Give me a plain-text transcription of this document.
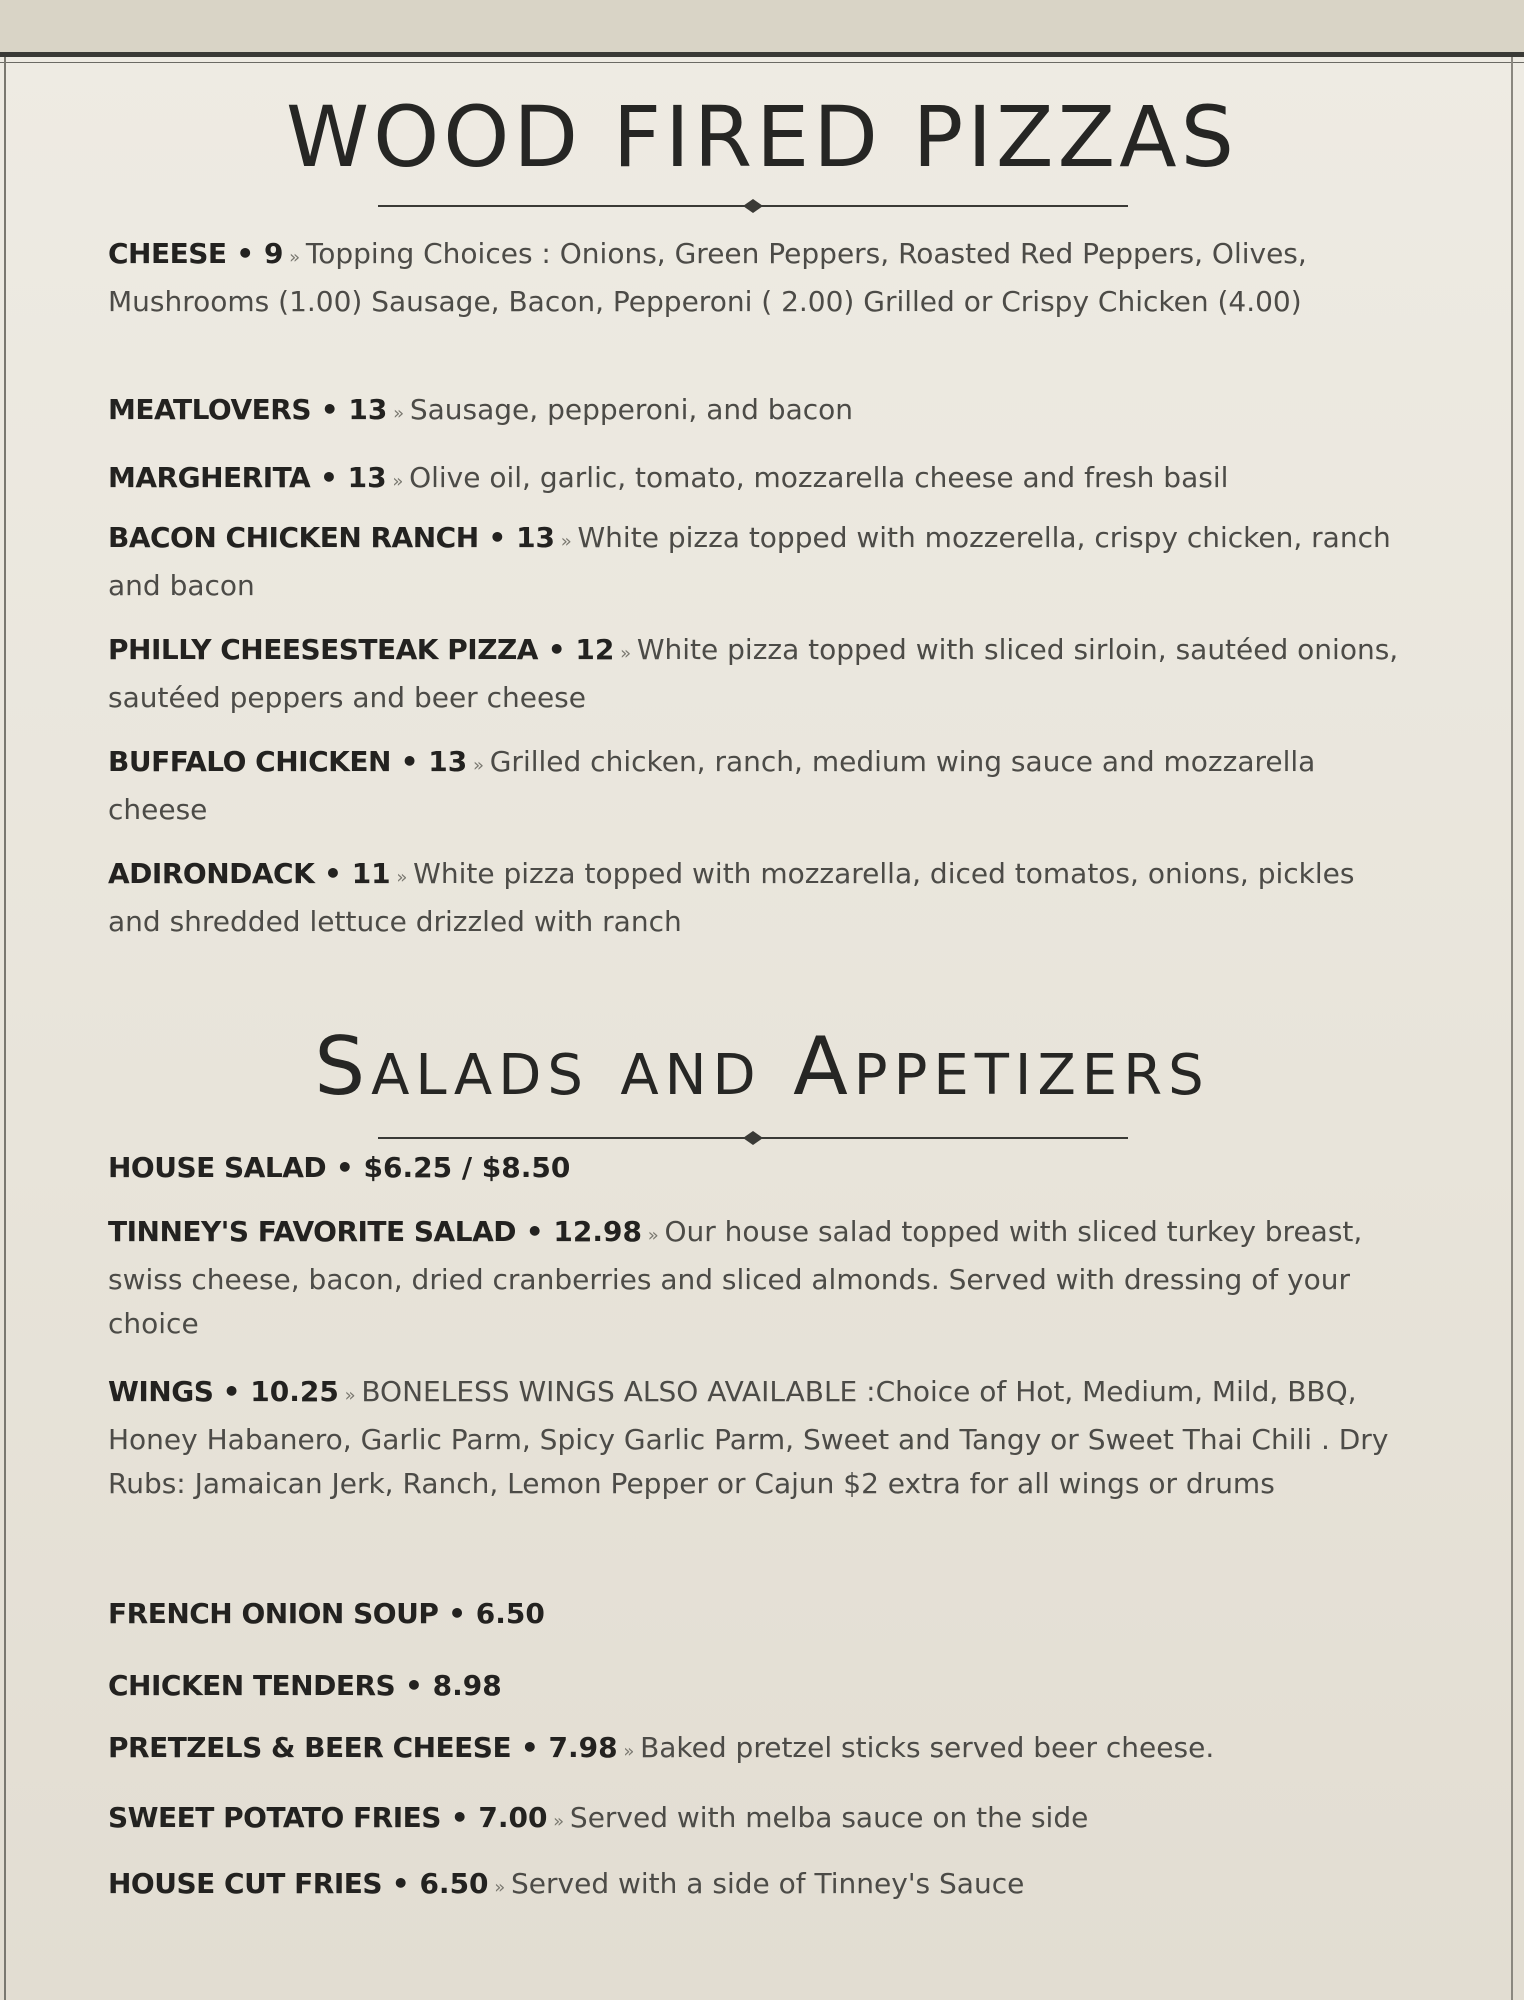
WOOD FIRED PIZZAS
CHEESE • 9 » Topping Choices : Onions, Green Peppers, Roasted Red Peppers, Olives, Mushrooms (1.00) Sausage, Bacon, Pepperoni ( 2.00) Grilled or Crispy Chicken (4.00)
MEATLOVERS • 13 » Sausage, pepperoni, and bacon
MARGHERITA • 13 » Olive oil, garlic, tomato, mozzarella cheese and fresh basil
BACON CHICKEN RANCH • 13 » White pizza topped with mozzerella, crispy chicken, ranch and bacon
PHILLY CHEESESTEAK PIZZA • 12 » White pizza topped with sliced sirloin, sautéed onions, sautéed peppers and beer cheese
BUFFALO CHICKEN • 13 » Grilled chicken, ranch, medium wing sauce and mozzarella cheese
ADIRONDACK • 11 » White pizza topped with mozzarella, diced tomatos, onions, pickles and shredded lettuce drizzled with ranch
Salads and Appetizers
HOUSE SALAD • $6.25 / $8.50
TINNEY'S FAVORITE SALAD • 12.98 » Our house salad topped with sliced turkey breast, swiss cheese, bacon, dried cranberries and sliced almonds. Served with dressing of your choice
WINGS • 10.25 » BONELESS WINGS ALSO AVAILABLE :Choice of Hot, Medium, Mild, BBQ, Honey Habanero, Garlic Parm, Spicy Garlic Parm, Sweet and Tangy or Sweet Thai Chili . Dry Rubs: Jamaican Jerk, Ranch, Lemon Pepper or Cajun $2 extra for all wings or drums
FRENCH ONION SOUP • 6.50
CHICKEN TENDERS • 8.98
PRETZELS & BEER CHEESE • 7.98 » Baked pretzel sticks served beer cheese.
SWEET POTATO FRIES • 7.00 » Served with melba sauce on the side
HOUSE CUT FRIES • 6.50 » Served with a side of Tinney's Sauce
